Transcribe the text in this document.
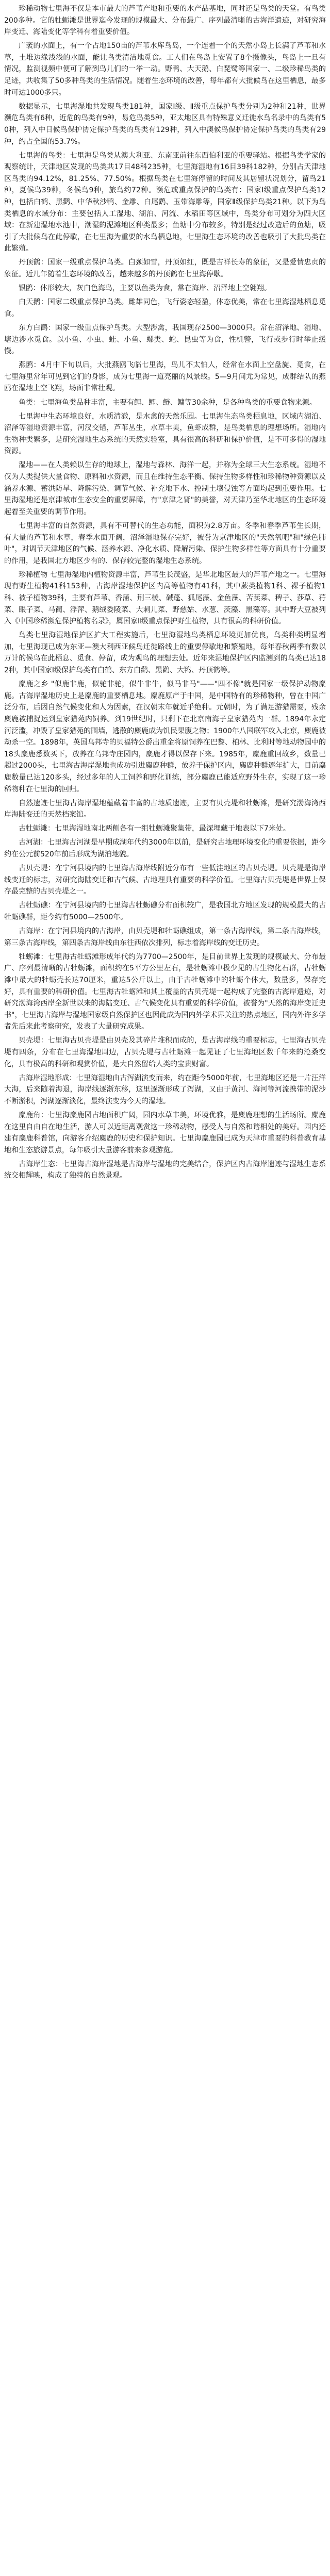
珍稀动物七里海不仅是本市最大的芦苇产地和重要的水产品基地，同时还是鸟类的天堂。有鸟类200多种。它的牡蛎滩是世界迄今发现的规模最大、分布最广、序列最清晰的古海洋遗迹，对研究海岸变迁、海陆变化等学科有着重要价值。

广袤的水面上，有一个占地150亩的芦苇水库鸟岛，一个连着一个的天然小岛上长满了芦苇和水草，土堆边缘浅浅的水面，能让鸟类清洁地觅食。工人们在鸟岛上安置了8个摄像头，鸟岛上一旦有情况，监测视频中便可了解到鸟儿们的一举一动。野鸭、大天鹅、白琵鹭等国家一、二级珍稀鸟类的足迹，共收集了50多种鸟类的生活情况。随着生态环境的改善，每年都有大批候鸟在这里栖息，最多时可达1000多只。

数据显示，七里海湿地共发现鸟类181种，国家Ⅰ级、Ⅱ级重点保护鸟类分别为2种和21种，世界濒危鸟类有6种，近危的鸟类有9种，易危鸟类5种，亚太地区具有特殊意义迁徙水鸟名录中的鸟类有50种，列入中日候鸟保护协定保护鸟类的鸟类有129种，列入中澳候鸟保护协定保护鸟类的鸟类有29种，约占全国的53.7%。

七里海的鸟类：七里海是鸟类从澳大利亚、东南亚前往东西伯利亚的重要驿站。根据鸟类学家的观察统计，天津地区发现的鸟类共17目48科235种，七里海湿地有16目39科182种，分别占天津地区鸟类的94.12%，81.25%、77.50%。根据鸟类在七里海停留的时间及其居留状况划分，留鸟21种，夏候鸟39种，冬候鸟9种，旅鸟约72种。濒危或重点保护的鸟类有：国家Ⅰ级重点保护鸟类12种，包括白鹤、黑鹳、中华秋沙鸭、金雕、白尾鹞、玉带海雕等，国家Ⅱ级保护鸟类21种。以下为鸟类栖息的水域分布：主要包括人工湿地、湖泊、河流、水稻田等区域中，鸟类分布可划分为四大区域：在新建湿地水池中，潮湿的泥滩地区种类最多；鱼塘中分布较多，特别是经过改造后的鱼塘，吸引了大批候鸟在此停歇，在七里海为重要的水鸟栖息地，七里海生态环境的改善也吸引了大批鸟类在此繁殖。

丹顶鹤：国家一级重点保护鸟类。白颈如雪，丹顶如红，既是吉祥长寿的象征，又是爱情忠贞的象征。近几年随着生态环境的改善，越来越多的丹顶鹤在七里海停歇。

银鸥：体形较大，灰白色海鸟，主要以鱼类为食，常在海岸、沼泽地上空翱翔。

白天鹅：国家二级重点保护鸟类。雌雄同色，飞行姿态轻盈，体态优美，常在七里海湿地栖息觅食。

东方白鹳：国家一级重点保护鸟类。大型涉禽，我国现存2500—3000只。常在沼泽地、湿地、塘边涉水觅食。以小鱼、小虫、蛙、小鱼、螺类、蛇、昆虫等为食，性机警，飞行或步行时举止缓慢。

燕鸥：4月中下旬以后，大批燕鸥飞临七里海，鸟儿不太怕人，经常在水面上空盘旋、觅食，在七里海里常年可见到它们的身影，成为七里海一道亮丽的风景线。5—9月间尤为常见，成群结队的燕鸥在湿地上空飞翔，场面非常壮观。

鱼类：七里海鱼类品种丰富，主要有鲤、鲫、鲢、鳙等30余种，是各种鸟类的重要食物来源。

七里海中生态环境良好，水质清澈，是水禽的天然乐园。七里海生态鸟类栖息地，区域内湖泊、沼泽等湿地资源丰富，河汊交错，芦苇丛生，水草丰美，鱼虾成群，是鸟类栖息的理想场所。湿地内生物种类繁多，是研究湿地生态系统的天然实验室，具有很高的科研和保护价值，是不可多得的湿地资源。

湿地——在人类赖以生存的地球上，湿地与森林、海洋一起，并称为全球三大生态系统。湿地不仅为人类提供大量食物、原料和水资源，而且在维持生态平衡、保持生物多样性和珍稀物种资源以及涵养水源、蓄洪防旱、降解污染、调节气候、补充地下水、控制土壤侵蚀等方面均起到重要作用。七里海湿地还是京津城市生态安全的重要屏障，有"京津之肾"的美誉，对天津乃至华北地区的生态环境起着至关重要的调节作用。

七里海丰富的自然资源，具有不可替代的生态功能，面积为2.8万亩。冬季和春季芦苇生长期，有大量的芦苇和水草，春季水面开阔，沼泽湿地保存完好，被誉为京津地区的"天然氧吧"和"绿色肺叶"，对调节天津地区的气候、涵养水源、净化水质、降解污染、保护生物多样性等方面具有十分重要的作用，是我国北方地区少有的、保存较完整的湿地生态系统。

珍稀植物 七里海湿地内植物资源丰富，芦苇生长茂盛，是华北地区最大的芦苇产地之一。七里海现有野生植物41科153种，古海岸湿地保护区内高等植物有41科，其中蕨类植物1科、裸子植物1科、被子植物39科，主要有芦苇、香蒲、荆三棱、碱蓬、狐尾藻、金鱼藻、苦荬菜、稗子、莎草、荇菜、眼子菜、马蔺、浮萍、鹅绒委陵菜、大刺儿菜、野慈姑、水葱、茨藻、黑藻等。其中野大豆被列入《中国珍稀濒危保护植物名录》，属国家Ⅱ级重点保护野生植物，具有很高的科研价值。

鸟类七里海湿地保护区扩大工程实施后，七里海湿地鸟类栖息环境更加优良，鸟类种类明显增加，七里海现已成为东亚—澳大利西亚候鸟迁徙路线上的重要停歇地和繁殖地，每年春秋两季有数以万计的候鸟在此栖息、觅食、停留，成为观鸟的理想去处。近年来湿地保护区内监测到的鸟类已达182种，其中国家Ⅰ级保护鸟类有白鹤、东方白鹳、黑鹳、大鸨、丹顶鹤等。

麋鹿之乡 "似鹿非鹿，似驼非驼，似牛非牛，似马非马"——"四不像"就是国家一级保护动物麋鹿。古海岸湿地历史上是麋鹿的重要栖息地。麋鹿原产于中国，是中国特有的珍稀物种，曾在中国广泛分布，后因自然气候变化和人为因素，在汉朝末年就近乎绝种。元朝时，为了满足游猎需要，残余麋鹿被捕捉运到皇家猎苑内饲养。到19世纪时，只剩下在北京南海子皇家猎苑内一群。1894年永定河泛滥，冲毁了皇家猎苑的围墙，逃散的麋鹿成为饥民果腹之物；1900年八国联军攻入北京，麋鹿被劫杀一空。1898年，英国乌邦寺的贝福特公爵出重金将原饲养在巴黎、柏林、比利时等地动物园中的18头麋鹿悉数买下，放养在乌邦寺庄园内，麋鹿才得以保存下来。1985年，麋鹿重回故乡，数量已超过2000头，七里海古海岸湿地也成功引进麋鹿种群，放养于保护区内，麋鹿种群逐年扩大，目前麋鹿数量已达120多头，经过多年的人工饲养和野化训练，部分麋鹿已能适应野外生存，实现了这一珍稀物种在七里海的回归。

自然遗迹七里海古海岸湿地蕴藏着丰富的古地质遗迹，主要有贝壳堤和牡蛎滩，是研究渤海湾西岸海陆变迁的天然档案馆。

古牡蛎滩：七里海湿地南北两侧各有一组牡蛎滩聚集带，最深埋藏于地表以下7米处。

古河湖：七里海古河湖是早期成湖年代约3000年以前，是研究古地理环境变化的重要依据，距今约在公元前520年前后形成为湖泊地貌。

古贝壳堤：在宁河县境内的七里海古海岸线附近分布有一些低洼地区的古贝壳堤。贝壳堤是海岸线变迁的标志，对研究海陆变迁和古气候、古地理具有重要的科学价值。七里海古贝壳堤是世界上保存最完整的古贝壳堤之一。

古牡蛎礁：在宁河县境内的七里海古牡蛎礁分布面积较广，是我国北方地区发现的规模最大的古牡蛎礁群，距今约有5000—2500年。

古海岸：在宁河县境内的古海岸，由贝壳堤和牡蛎礁组成，第一条古海岸线，第二条古海岸线，第三条古海岸线，第四条古海岸线由东往西依次排列，标志着海岸线的变迁历史。

牡蛎滩：七里海古牡蛎滩形成年代约为7700—2500年，是目前世界上发现的规模最大、分布最广、序列最清晰的古牡蛎滩，面积约在5平方公里左右，是牡蛎滩中极少见的古生物化石群，古牡蛎滩中最大的牡蛎壳长达70厘米，重达5公斤以上，由于古牡蛎滩中的牡蛎个体大，数量多，保存完好，具有重要的科研价值。七里海古牡蛎滩和其上覆盖的古贝壳堤一起构成了完整的古海岸遗迹，对研究渤海湾西岸全新世以来的海陆变迁、古气候变化具有重要的科学价值，被誉为"天然的海岸变迁史书"，七里海古海岸与湿地国家级自然保护区也因此成为国内外学术界关注的热点地区，国内外许多学者先后来此考察研究，发表了大量研究成果。

贝壳堤：七里海古贝壳堤是由贝壳及其碎片堆积而成的，是古海岸线的重要标志，七里海古贝壳堤有四条，分布在七里海湿地周边，古贝壳堤与古牡蛎滩一起见证了七里海地区数千年来的沧桑变化，具有极高的科研和观赏价值，是大自然留给人类的宝贵财富。

古海岸湿地形成：七里海湿地由古泻湖演变而来，约在距今5000年前，七里海地区还是一片汪洋大海，后来随着海退，海岸线逐渐东移，这里逐渐形成了泻湖，又由于黄河、海河等河流携带的泥沙不断淤积，泻湖逐渐淡化，最终演变为今天的湿地。

麋鹿角：七里海麋鹿园占地面积广阔，园内水草丰美，环境优雅，是麋鹿理想的生活场所。麋鹿在这里自由自在地生活，游人可以近距离观赏这一珍稀动物，感受人与自然和谐相处的美好。园内还建有麋鹿科普馆，向游客介绍麋鹿的历史和保护知识。七里海麋鹿园已成为天津市重要的科普教育基地和生态旅游景点，每年吸引大量游客前来参观游览。

古海岸生态：七里海古海岸湿地是古海岸与湿地的完美结合，保护区内古海岸遗迹与湿地生态系统交相辉映，构成了独特的自然景观。
